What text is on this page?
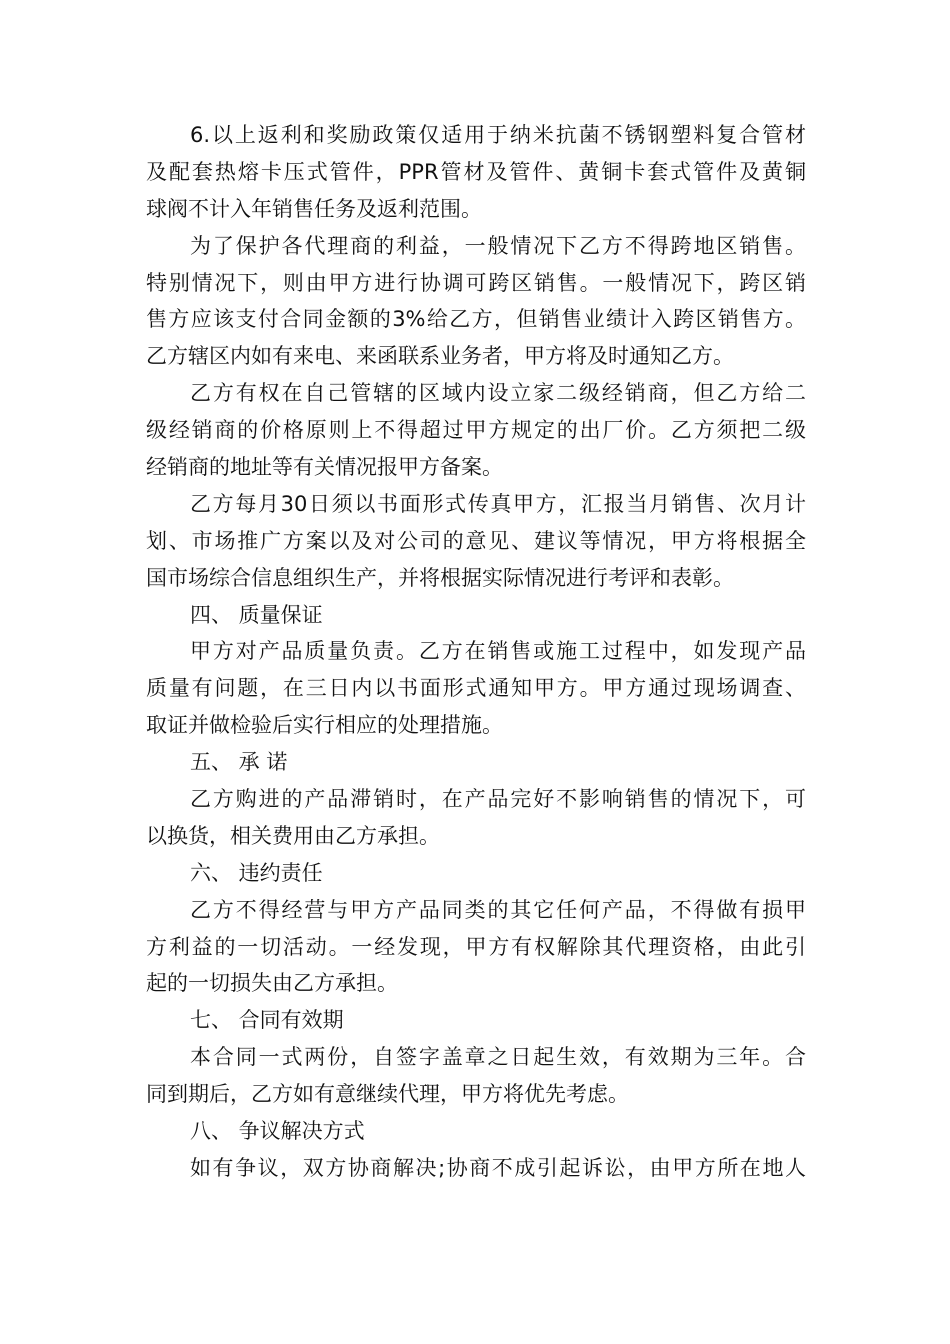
6.以上返利和奖励政策仅适用于纳米抗菌不锈钢塑料复合管材
及配套热熔卡压式管件，PPR管材及管件、黄铜卡套式管件及黄铜
球阀不计入年销售任务及返利范围。
为了保护各代理商的利益，一般情况下乙方不得跨地区销售。
特别情况下，则由甲方进行协调可跨区销售。一般情况下，跨区销
售方应该支付合同金额的3%给乙方，但销售业绩计入跨区销售方。
乙方辖区内如有来电、来函联系业务者，甲方将及时通知乙方。
乙方有权在自己管辖的区域内设立家二级经销商，但乙方给二
级经销商的价格原则上不得超过甲方规定的出厂价。乙方须把二级
经销商的地址等有关情况报甲方备案。
乙方每月30日须以书面形式传真甲方，汇报当月销售、次月计
划、市场推广方案以及对公司的意见、建议等情况，甲方将根据全
国市场综合信息组织生产，并将根据实际情况进行考评和表彰。
四、 质量保证
甲方对产品质量负责。乙方在销售或施工过程中，如发现产品
质量有问题，在三日内以书面形式通知甲方。甲方通过现场调查、
取证并做检验后实行相应的处理措施。
五、 承 诺
乙方购进的产品滞销时，在产品完好不影响销售的情况下，可
以换货，相关费用由乙方承担。
六、 违约责任
乙方不得经营与甲方产品同类的其它任何产品，不得做有损甲
方利益的一切活动。一经发现，甲方有权解除其代理资格，由此引
起的一切损失由乙方承担。
七、 合同有效期
本合同一式两份，自签字盖章之日起生效，有效期为三年。合
同到期后，乙方如有意继续代理，甲方将优先考虑。
八、 争议解决方式
如有争议，双方协商解决;协商不成引起诉讼，由甲方所在地人
